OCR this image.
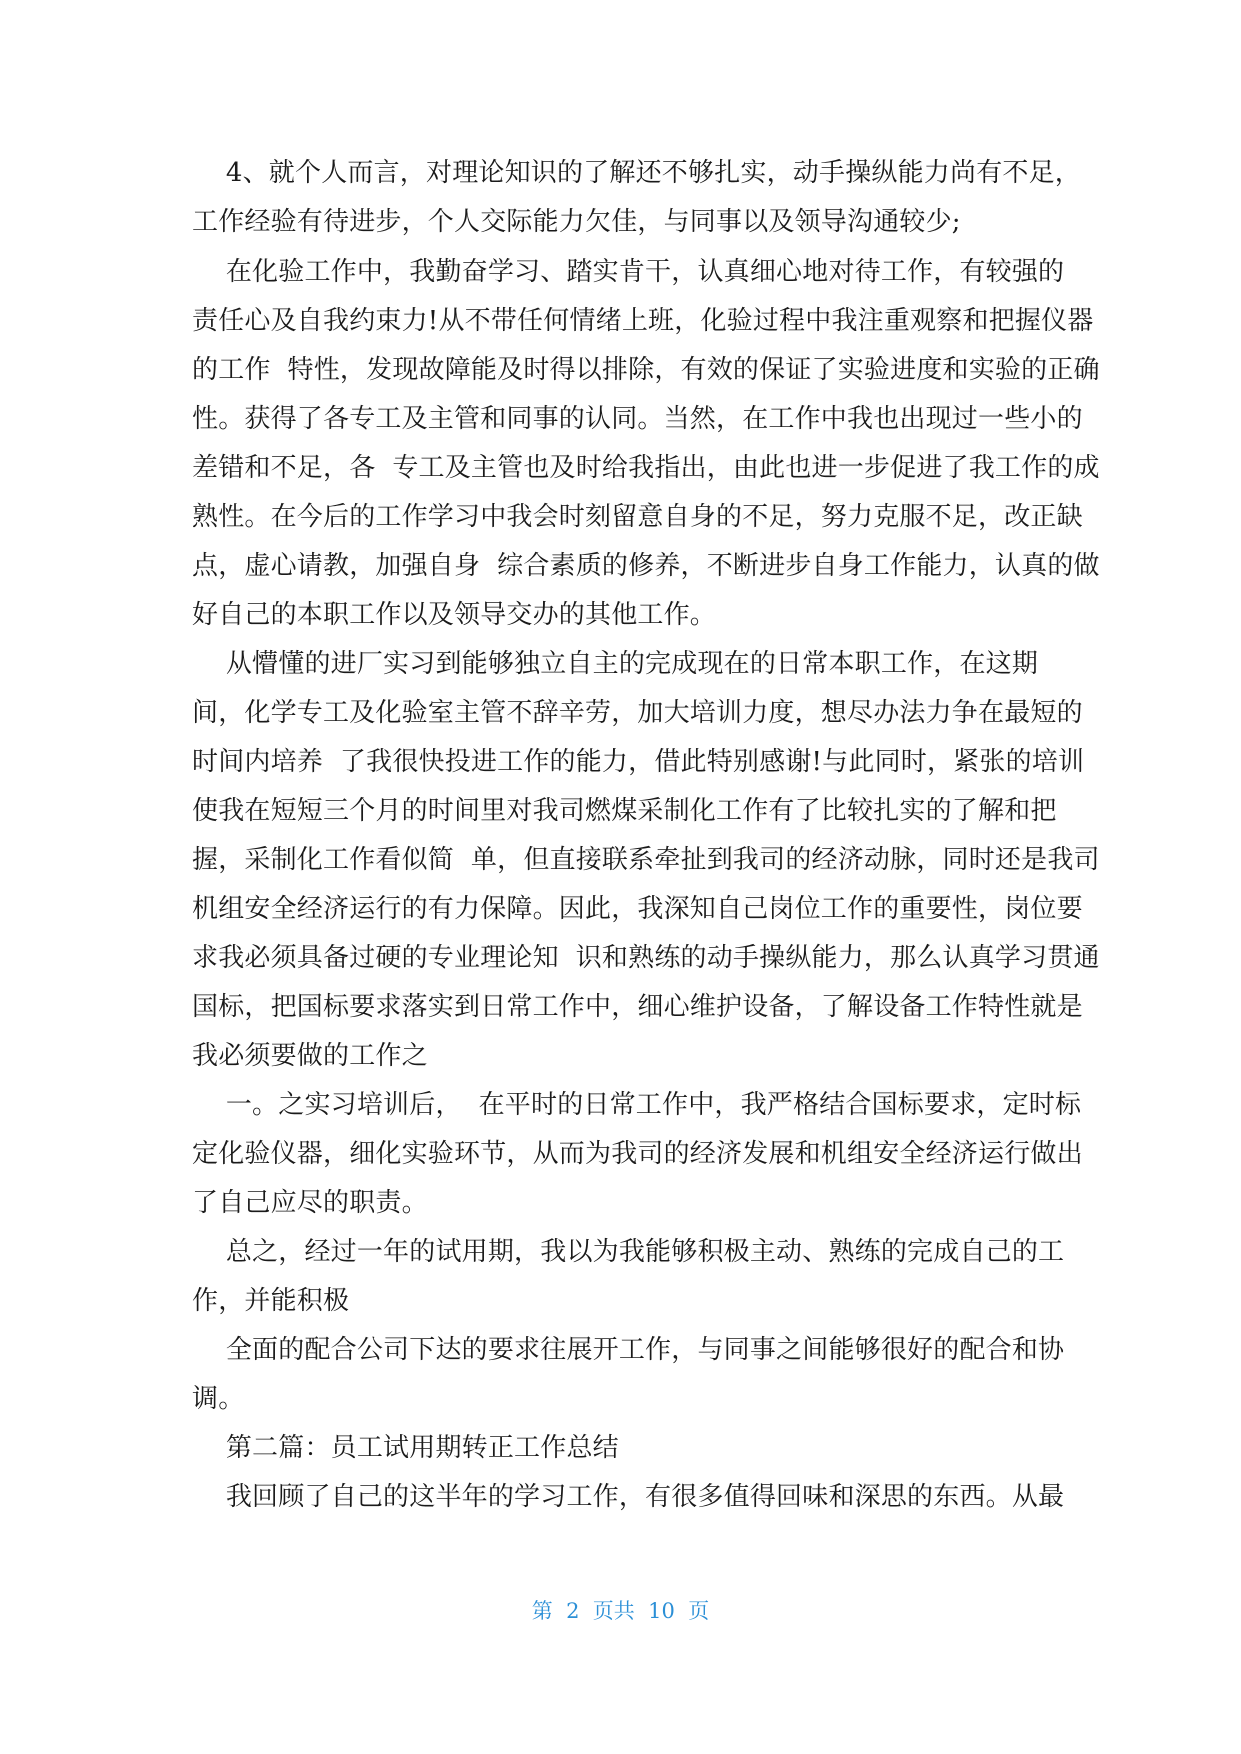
4、就个人而言，对理论知识的了解还不够扎实，动手操纵能力尚有不足，
工作经验有待进步，个人交际能力欠佳，与同事以及领导沟通较少;
在化验工作中，我勤奋学习、踏实肯干，认真细心地对待工作，有较强的
责任心及自我约束力!从不带任何情绪上班，化验过程中我注重观察和把握仪器
的工作  特性，发现故障能及时得以排除，有效的保证了实验进度和实验的正确
性。获得了各专工及主管和同事的认同。当然，在工作中我也出现过一些小的
差错和不足，各  专工及主管也及时给我指出，由此也进一步促进了我工作的成
熟性。在今后的工作学习中我会时刻留意自身的不足，努力克服不足，改正缺
点，虚心请教，加强自身  综合素质的修养，不断进步自身工作能力，认真的做
好自己的本职工作以及领导交办的其他工作。
从懵懂的进厂实习到能够独立自主的完成现在的日常本职工作，在这期
间，化学专工及化验室主管不辞辛劳，加大培训力度，想尽办法力争在最短的
时间内培养  了我很快投进工作的能力，借此特别感谢!与此同时，紧张的培训
使我在短短三个月的时间里对我司燃煤采制化工作有了比较扎实的了解和把
握，采制化工作看似简  单，但直接联系牵扯到我司的经济动脉，同时还是我司
机组安全经济运行的有力保障。因此，我深知自己岗位工作的重要性，岗位要
求我必须具备过硬的专业理论知  识和熟练的动手操纵能力，那么认真学习贯通
国标，把国标要求落实到日常工作中，细心维护设备，了解设备工作特性就是
我必须要做的工作之
一。之实习培训后，  在平时的日常工作中，我严格结合国标要求，定时标
定化验仪器，细化实验环节，从而为我司的经济发展和机组安全经济运行做出
了自己应尽的职责。
总之，经过一年的试用期，我以为我能够积极主动、熟练的完成自己的工
作，并能积极
全面的配合公司下达的要求往展开工作，与同事之间能够很好的配合和协
调。
第二篇：员工试用期转正工作总结
我回顾了自己的这半年的学习工作，有很多值得回味和深思的东西。从最
第  2  页共  10  页
